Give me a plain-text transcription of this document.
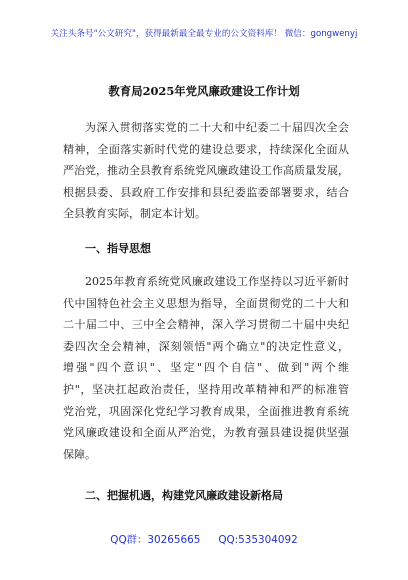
关注头条号"公文研究"，获得最新最全最专业的公文资料库！ 微信：gongwenyj
教育局2025年党风廉政建设工作计划
为深入贯彻落实党的二十大和中纪委二十届四次全会
精神，全面落实新时代党的建设总要求，持续深化全面从
严治党，推动全县教育系统党风廉政建设工作高质量发展，
根据县委、县政府工作安排和县纪委监委部署要求，结合
全县教育实际，制定本计划。
一、指导思想
2025年教育系统党风廉政建设工作坚持以习近平新时
代中国特色社会主义思想为指导，全面贯彻党的二十大和
二十届二中、三中全会精神，深入学习贯彻二十届中央纪
委四次全会精神，深刻领悟"两个确立"的决定性意义，
增强"四个意识"、坚定"四个自信"、做到"两个维
护"，坚决扛起政治责任，坚持用改革精神和严的标准管
党治党，巩固深化党纪学习教育成果，全面推进教育系统
党风廉政建设和全面从严治党，为教育强县建设提供坚强
保障。
二、把握机遇，构建党风廉政建设新格局
QQ群：30265665 QQ:535304092
